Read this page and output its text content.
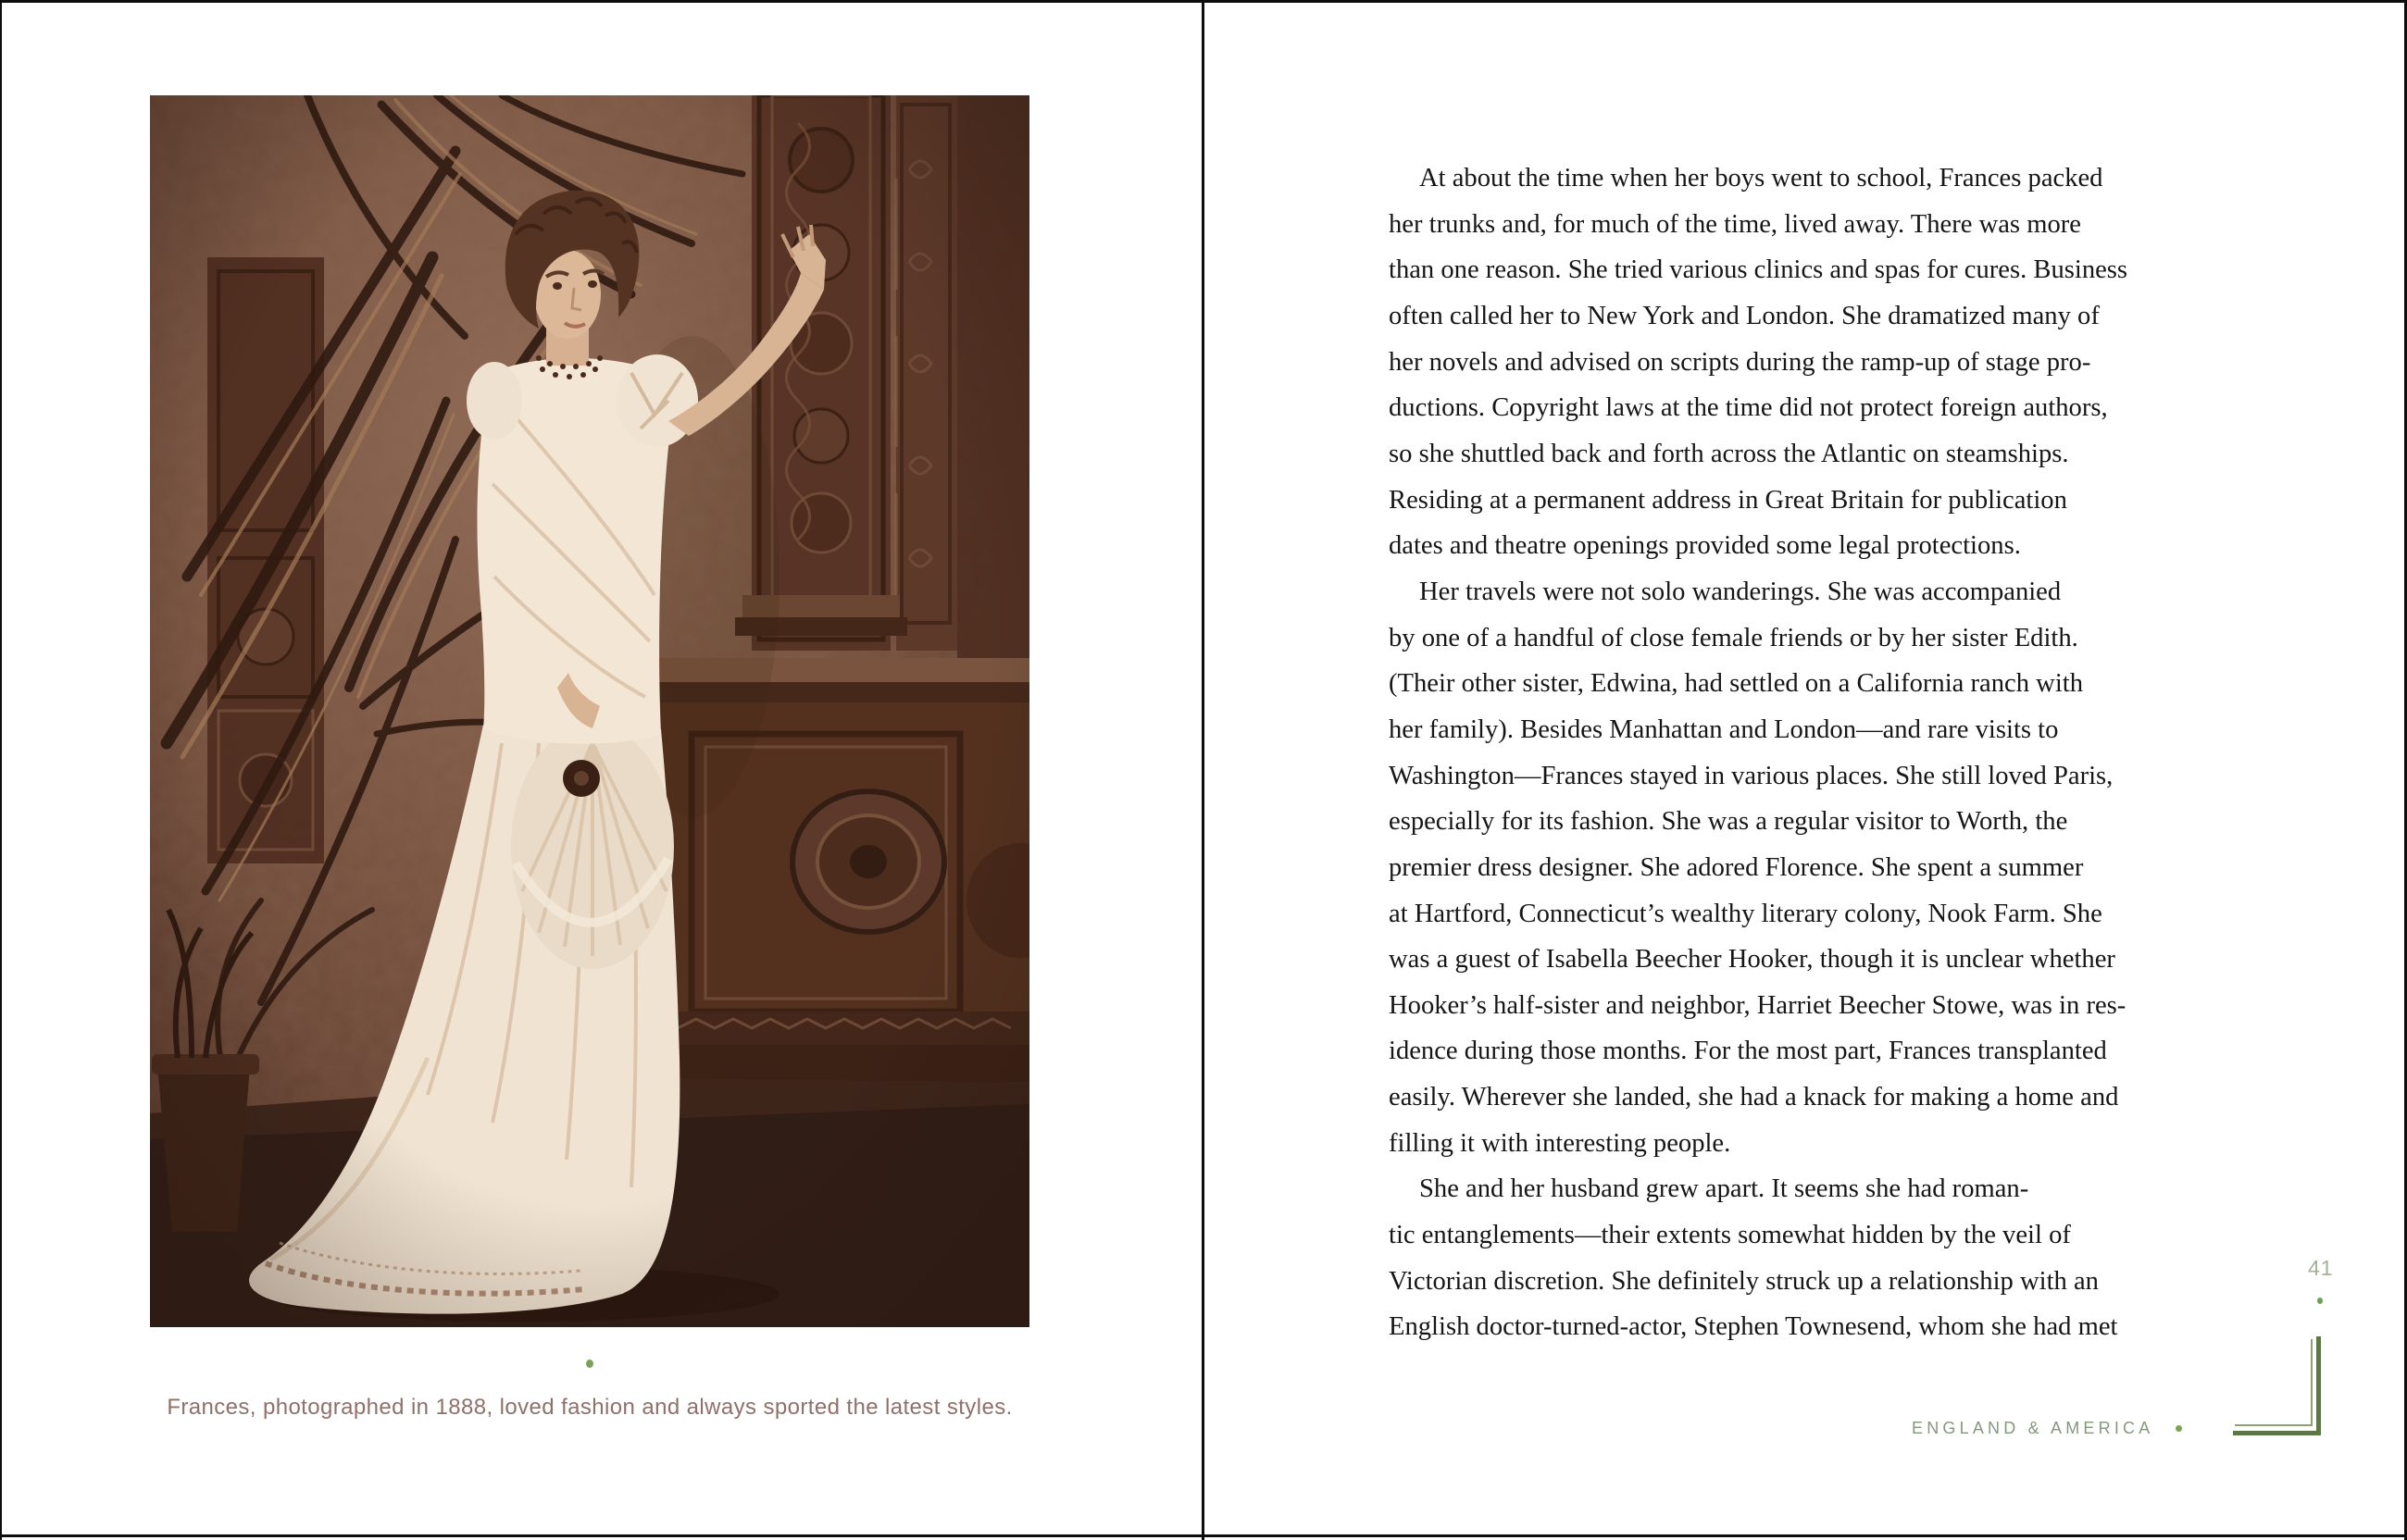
Frances, photographed in 1888, loved fashion and always sported the latest styles.
At about the time when her boys went to school, Frances packed
her trunks and, for much of the time, lived away. There was more
than one reason. She tried various clinics and spas for cures. Business
often called her to New York and London. She dramatized many of
her novels and advised on scripts during the ramp-up of stage pro-
ductions. Copyright laws at the time did not protect foreign authors,
so she shuttled back and forth across the Atlantic on steamships.
Residing at a permanent address in Great Britain for publication
dates and theatre openings provided some legal protections.
Her travels were not solo wanderings. She was accompanied
by one of a handful of close female friends or by her sister Edith.
(Their other sister, Edwina, had settled on a California ranch with
her family). Besides Manhattan and London—and rare visits to
Washington—Frances stayed in various places. She still loved Paris,
especially for its fashion. She was a regular visitor to Worth, the
premier dress designer. She adored Florence. She spent a summer
at Hartford, Connecticut’s wealthy literary colony, Nook Farm. She
was a guest of Isabella Beecher Hooker, though it is unclear whether
Hooker’s half-sister and neighbor, Harriet Beecher Stowe, was in res-
idence during those months. For the most part, Frances transplanted
easily. Wherever she landed, she had a knack for making a home and
filling it with interesting people.
She and her husband grew apart. It seems she had roman-
tic entanglements—their extents somewhat hidden by the veil of
Victorian discretion. She definitely struck up a relationship with an
English doctor-turned-actor, Stephen Townesend, whom she had met
41
ENGLAND & AMERICA
